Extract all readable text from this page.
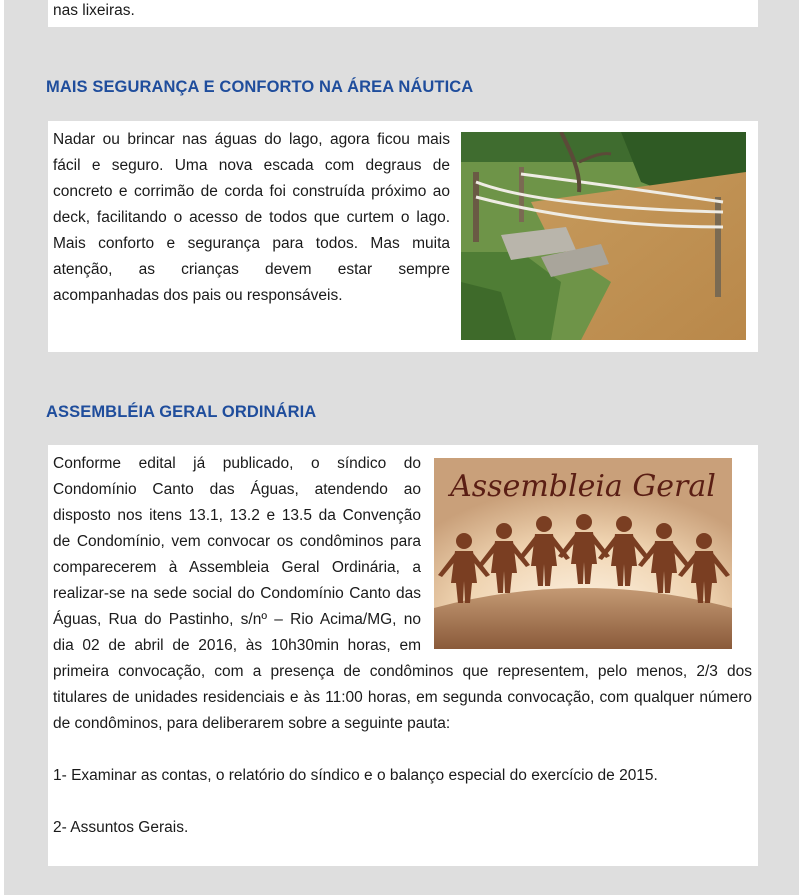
nas lixeiras.

MAIS SEGURANÇA E CONFORTO NA ÁREA NÁUTICA

Nadar ou brincar nas águas do lago, agora ficou mais fácil e seguro. Uma nova escada com degraus de concreto e corrimão de corda foi construída próximo ao deck, facilitando o acesso de todos que curtem o lago. Mais conforto e segurança para todos. Mas muita atenção, as crianças devem estar sempre acompanhadas dos pais ou responsáveis.

ASSEMBLÉIA GERAL ORDINÁRIA
Assembleia Geral

Conforme edital já publicado, o síndico do Condomínio Canto das Águas, atendendo ao disposto nos itens 13.1, 13.2 e 13.5 da Convenção de Condomínio, vem convocar os condôminos para comparecerem à Assembleia Geral Ordinária, a realizar-se na sede social do Condomínio Canto das Águas, Rua do Pastinho, s/nº – Rio Acima/MG, no dia 02 de abril de 2016, às 10h30min horas, em primeira convocação, com a presença de condôminos que representem, pelo menos, 2/3 dos titulares de unidades residenciais e às 11:00 horas, em segunda convocação, com qualquer número de condôminos, para deliberarem sobre a seguinte pauta:

1- Examinar as contas, o relatório do síndico e o balanço especial do exercício de 2015.

2- Assuntos Gerais.
